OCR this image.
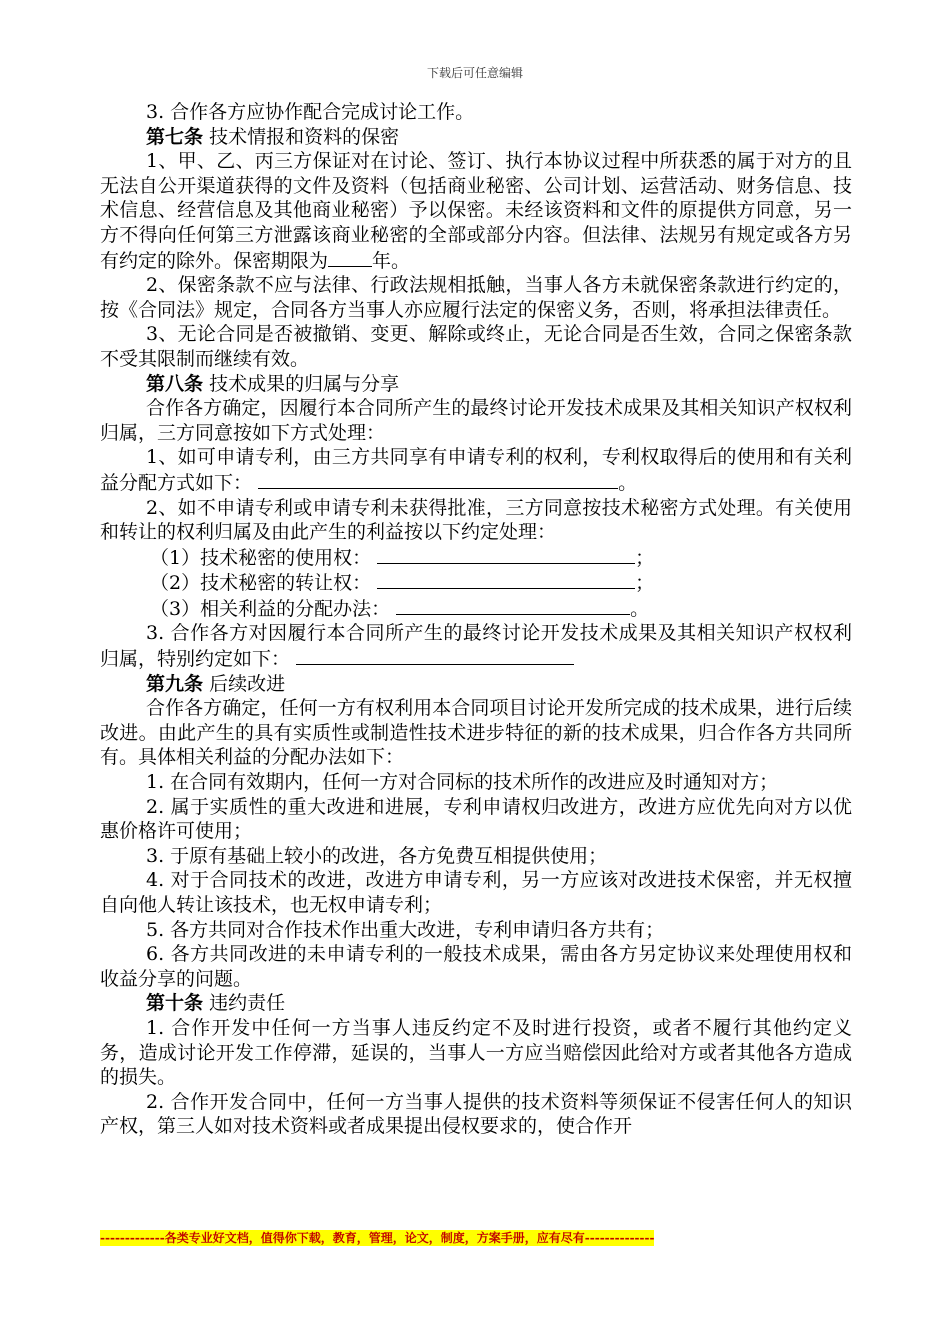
下载后可任意编辑

3. 合作各方应协作配合完成讨论工作。

第七条 技术情报和资料的保密

1、甲、乙、丙三方保证对在讨论、签订、执行本协议过程中所获悉的属于对方的且无法自公开渠道获得的文件及资料（包括商业秘密、公司计划、运营活动、财务信息、技术信息、经营信息及其他商业秘密）予以保密。未经该资料和文件的原提供方同意，另一方不得向任何第三方泄露该商业秘密的全部或部分内容。但法律、法规另有规定或各方另有约定的除外。保密期限为 年。

2、保密条款不应与法律、行政法规相抵触，当事人各方未就保密条款进行约定的，按《合同法》规定，合同各方当事人亦应履行法定的保密义务，否则，将承担法律责任。

3、无论合同是否被撤销、变更、解除或终止，无论合同是否生效，合同之保密条款不受其限制而继续有效。

第八条 技术成果的归属与分享

合作各方确定，因履行本合同所产生的最终讨论开发技术成果及其相关知识产权权利归属，三方同意按如下方式处理：

1、如可申请专利，由三方共同享有申请专利的权利，专利权取得后的使用和有关利益分配方式如下：	。

2、如不申请专利或申请专利未获得批准，三方同意按技术秘密方式处理。有关使用和转让的权利归属及由此产生的利益按以下约定处理：

（1）技术秘密的使用权：	；

（2）技术秘密的转让权：	；

（3）相关利益的分配办法：	。

3. 合作各方对因履行本合同所产生的最终讨论开发技术成果及其相关知识产权权利归属，特别约定如下：

第九条 后续改进

合作各方确定，任何一方有权利用本合同项目讨论开发所完成的技术成果，进行后续改进。由此产生的具有实质性或制造性技术进步特征的新的技术成果，归合作各方共同所有。具体相关利益的分配办法如下：

1. 在合同有效期内，任何一方对合同标的技术所作的改进应及时通知对方；

2. 属于实质性的重大改进和进展，专利申请权归改进方，改进方应优先向对方以优惠价格许可使用；

3. 于原有基础上较小的改进，各方免费互相提供使用；

4. 对于合同技术的改进，改进方申请专利，另一方应该对改进技术保密，并无权擅自向他人转让该技术，也无权申请专利；

5. 各方共同对合作技术作出重大改进，专利申请归各方共有；

6. 各方共同改进的未申请专利的一般技术成果，需由各方另定协议来处理使用权和收益分享的问题。

第十条 违约责任

1. 合作开发中任何一方当事人违反约定不及时进行投资，或者不履行其他约定义务，造成讨论开发工作停滞，延误的，当事人一方应当赔偿因此给对方或者其他各方造成的损失。

2. 合作开发合同中，任何一方当事人提供的技术资料等须保证不侵害任何人的知识产权，第三人如对技术资料或者成果提出侵权要求的，使合作开

-------------各类专业好文档，值得你下载，教育，管理，论文，制度，方案手册，应有尽有--------------
